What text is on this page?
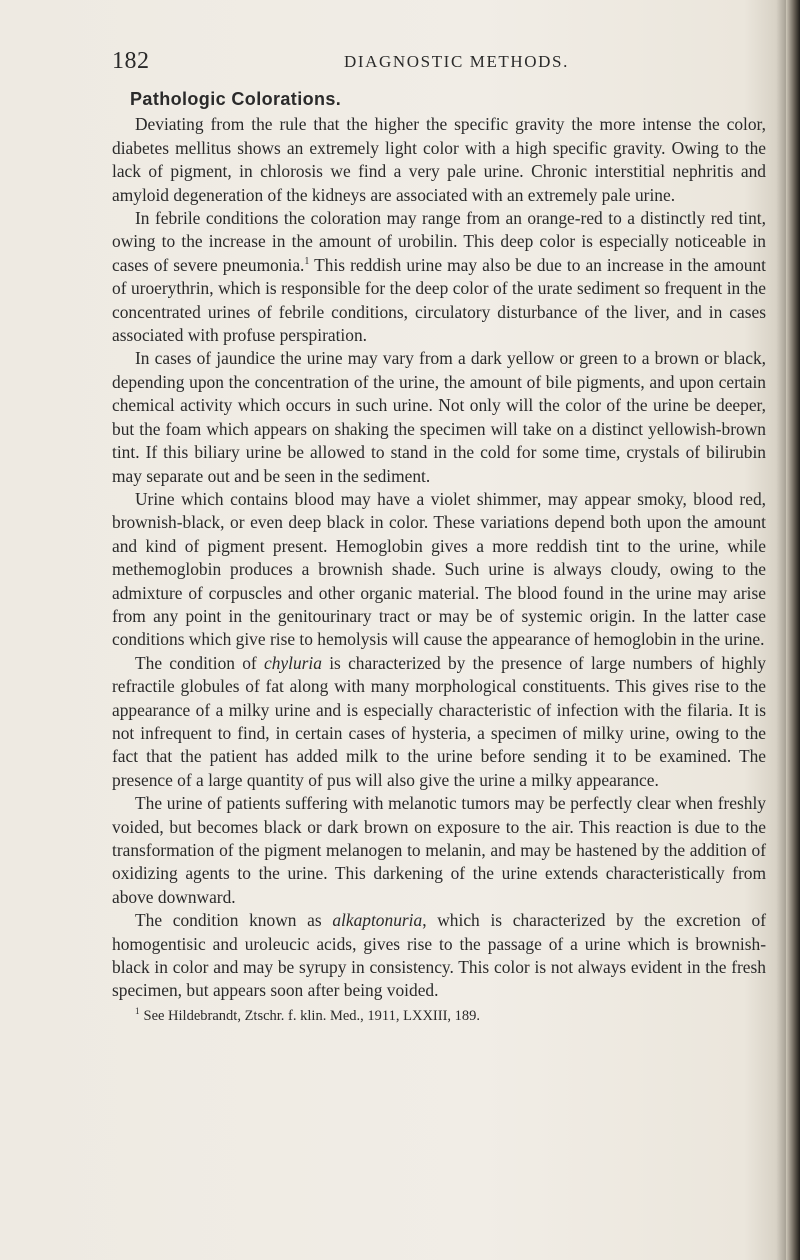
182	DIAGNOSTIC METHODS.

Pathologic Colorations.

Deviating from the rule that the higher the specific gravity the more intense the color, diabetes mellitus shows an extremely light color with a high specific gravity. Owing to the lack of pigment, in chlorosis we find a very pale urine. Chronic interstitial nephritis and amyloid degeneration of the kidneys are associated with an extremely pale urine.

In febrile conditions the coloration may range from an orange-red to a distinctly red tint, owing to the increase in the amount of urobilin. This deep color is especially noticeable in cases of severe pneumonia.$^1$ This reddish urine may also be due to an increase in the amount of uroerythrin, which is responsible for the deep color of the urate sediment so frequent in the concentrated urines of febrile conditions, circulatory disturbance of the liver, and in cases associated with profuse perspiration.

In cases of jaundice the urine may vary from a dark yellow or green to a brown or black, depending upon the concentration of the urine, the amount of bile pigments, and upon certain chemical activity which occurs in such urine. Not only will the color of the urine be deeper, but the foam which appears on shaking the specimen will take on a distinct yellowish-brown tint. If this biliary urine be allowed to stand in the cold for some time, crystals of bilirubin may separate out and be seen in the sediment.

Urine which contains blood may have a violet shimmer, may appear smoky, blood red, brownish-black, or even deep black in color. These variations depend both upon the amount and kind of pigment present. Hemoglobin gives a more reddish tint to the urine, while methemoglobin produces a brownish shade. Such urine is always cloudy, owing to the admixture of corpuscles and other organic material. The blood found in the urine may arise from any point in the genitourinary tract or may be of systemic origin. In the latter case conditions which give rise to hemolysis will cause the appearance of hemoglobin in the urine.

The condition of chyluria is characterized by the presence of large numbers of highly refractile globules of fat along with many morphological constituents. This gives rise to the appearance of a milky urine and is especially characteristic of infection with the filaria. It is not infrequent to find, in certain cases of hysteria, a specimen of milky urine, owing to the fact that the patient has added milk to the urine before sending it to be examined. The presence of a large quantity of pus will also give the urine a milky appearance.

The urine of patients suffering with melanotic tumors may be perfectly clear when freshly voided, but becomes black or dark brown on exposure to the air. This reaction is due to the transformation of the pigment melanogen to melanin, and may be hastened by the addition of oxidizing agents to the urine. This darkening of the urine extends characteristically from above downward.

The condition known as alkaptonuria, which is characterized by the excretion of homogentisic and uroleucic acids, gives rise to the passage of a urine which is brownish-black in color and may be syrupy in consistency. This color is not always evident in the fresh specimen, but appears soon after being voided.

$^1$ See Hildebrandt, Ztschr. f. klin. Med., 1911, LXXIII, 189.
